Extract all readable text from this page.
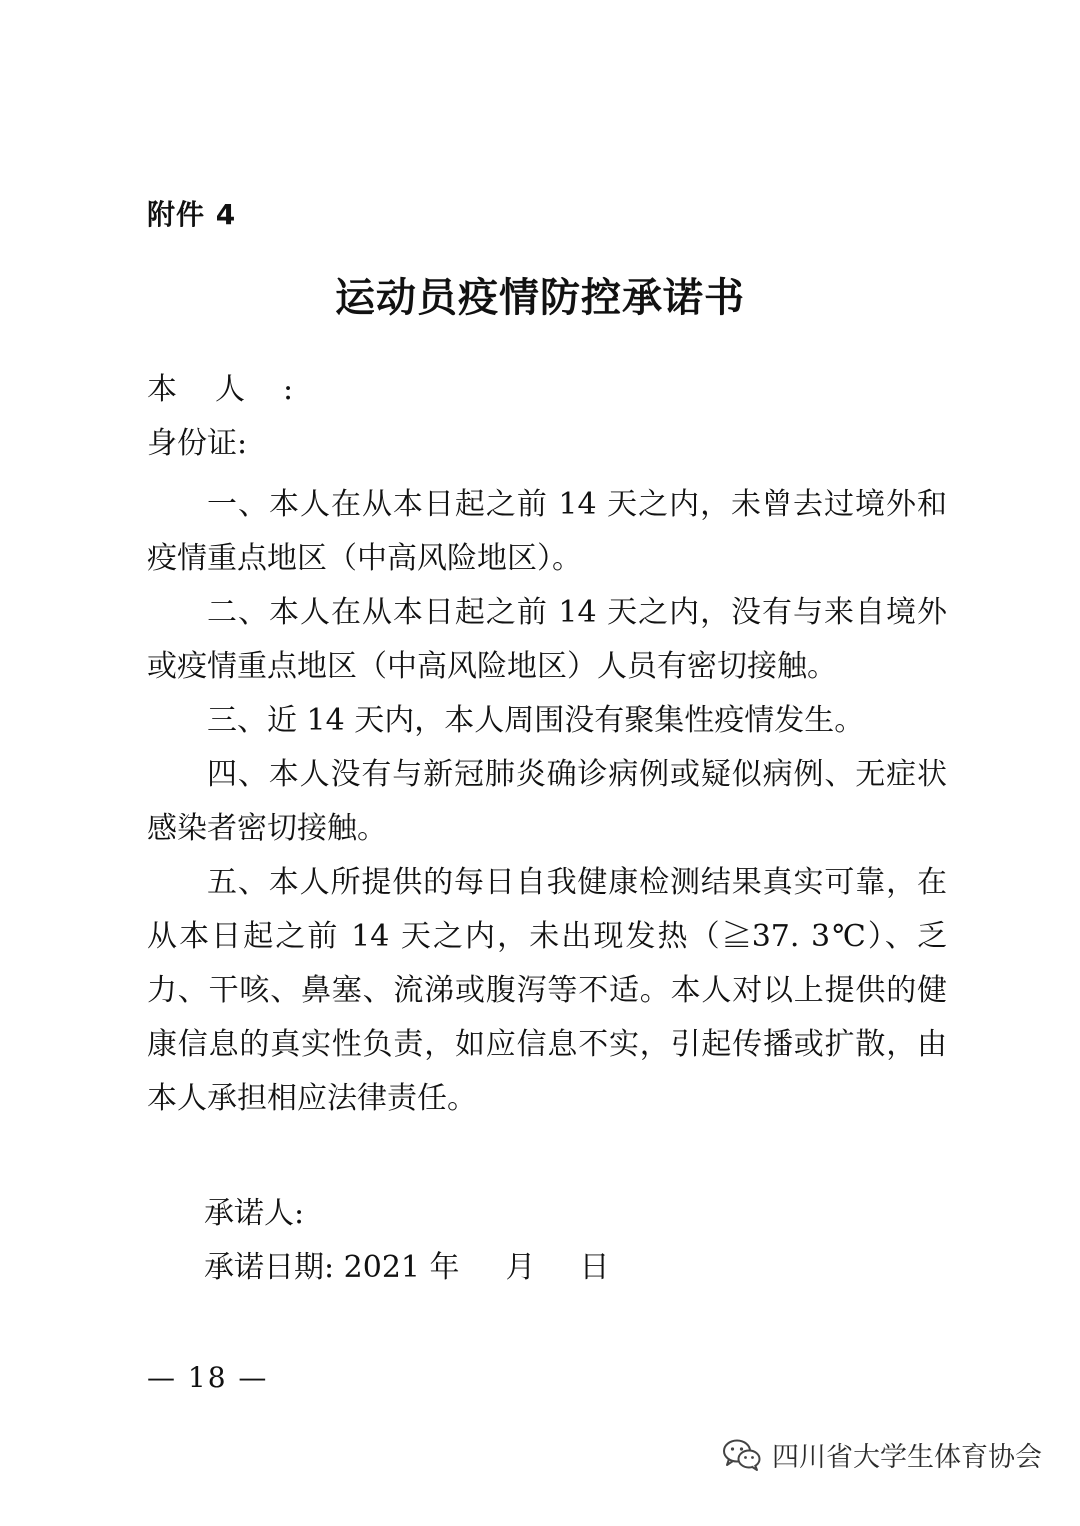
附件 4
运动员疫情防控承诺书
本人:
身份证:

一、本人在从本日起之前 14 天之内，未曾去过境外和疫情重点地区（中高风险地区）。

二、本人在从本日起之前 14 天之内，没有与来自境外或疫情重点地区（中高风险地区）人员有密切接触。

三、近 14 天内，本人周围没有聚集性疫情发生。

四、本人没有与新冠肺炎确诊病例或疑似病例、无症状感染者密切接触。

五、本人所提供的每日自我健康检测结果真实可靠，在从本日起之前 14 天之内，未出现发热（≧37. 3℃）、乏力、干咳、鼻塞、流涕或腹泻等不适。本人对以上提供的健康信息的真实性负责，如应信息不实，引起传播或扩散，由本人承担相应法律责任。

承诺人:
承诺日期: 2021 年 月 日
— 18 —
四川省大学生体育协会
